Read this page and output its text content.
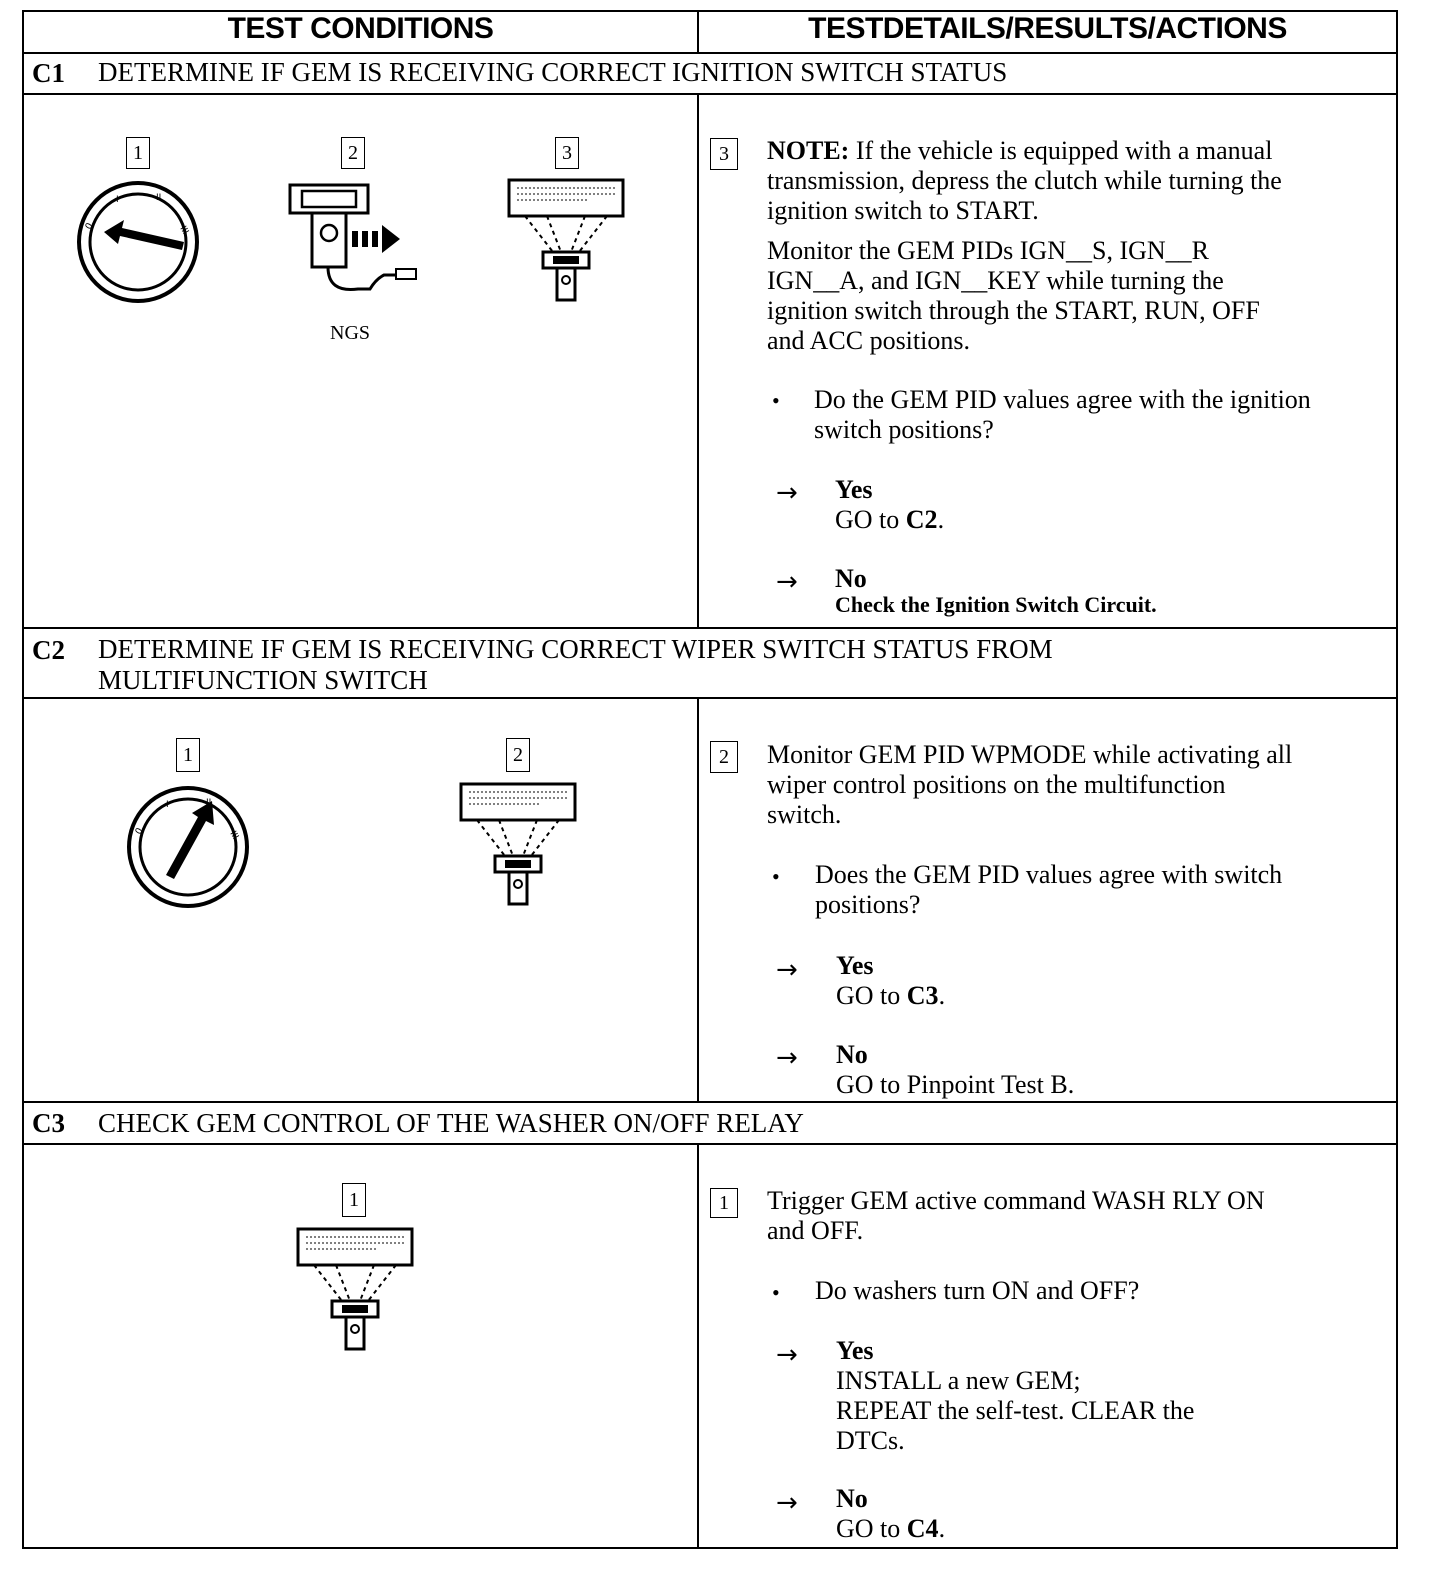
TEST CONDITIONS	TESTDETAILS/RESULTS/ACTIONS
C1 DETERMINE IF GEM IS RECEIVING CORRECT IGNITION SWITCH STATUS
1	2	3
0
I	II
III
NGS
3	NOTE: If the vehicle is equipped with a manual
transmission, depress the clutch while turning the
ignition switch to START.
Monitor the GEM PIDs IGN__S, IGN__R
IGN__A, and IGN__KEY while turning the
ignition switch through the START, RUN, OFF
and ACC positions.
• Do the GEM PID values agree with the ignition
switch positions?
→ Yes
GO to C2.
→ No
Check the Ignition Switch Circuit.
C2 DETERMINE IF GEM IS RECEIVING CORRECT WIPER SWITCH STATUS FROM
MULTIFUNCTION SWITCH
1	2
0
I	II
III
2	Monitor GEM PID WPMODE while activating all
wiper control positions on the multifunction
switch.
• Does the GEM PID values agree with switch
positions?
→ Yes
GO to C3.
→ No
GO to Pinpoint Test B.
C3 CHECK GEM CONTROL OF THE WASHER ON/OFF RELAY
1	1	Trigger GEM active command WASH RLY ON
and OFF.
• Do washers turn ON and OFF?
→ Yes
INSTALL a new GEM;
REPEAT the self-test. CLEAR the
DTCs.
→ No
GO to C4.
